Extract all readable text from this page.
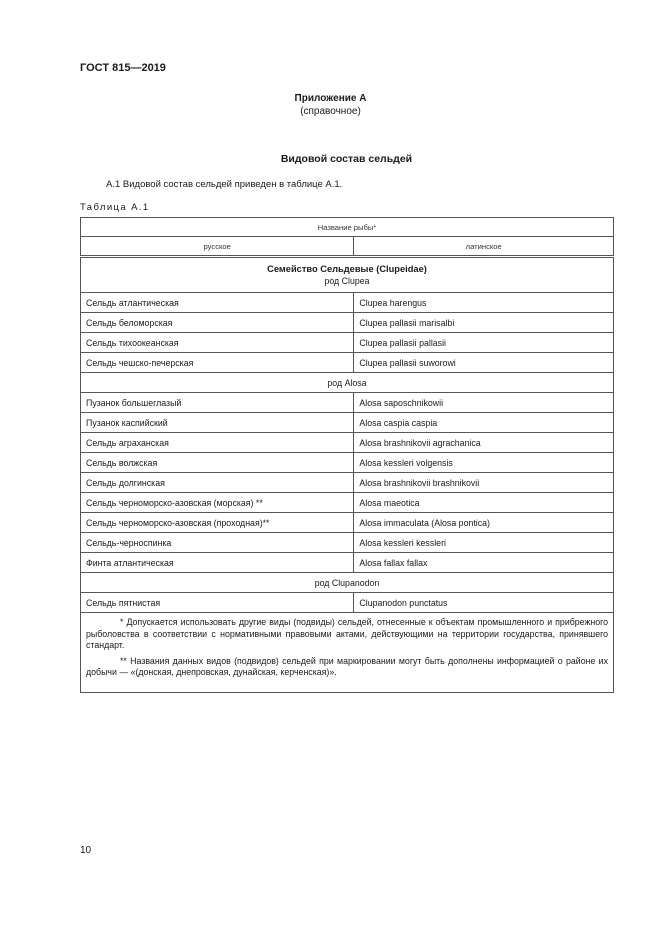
ГОСТ 815—2019
Приложение А
(справочное)
Видовой состав сельдей
А.1 Видовой состав сельдей приведен в таблице А.1.
Таблица А.1
Название рыбы*	
русское	латинское

Семейство Сельдевые (Clupeidae)
род Clupea	

Сельдь атлантическая	Clupea harengus
Сельдь беломорская	Clupea pallasii marisalbi
Сельдь тихоокеанская	Clupea pallasii pallasii
Сельдь чешско-печерская	Clupea pallasii suworowi
род Alosa	
Пузанок большеглазый	Alosa saposchnikowii
Пузанок каспийский	Alosa caspia caspia
Сельдь аграханская	Alosa brashnikovii agrachanica
Сельдь волжская	Alosa kessleri volgensis
Сельдь долгинская	Alosa brashnikovii brashnikovii
Сельдь черноморско-азовская (морская) **	Alosa maeotica
Сельдь черноморско-азовская (проходная)**	Alosa immaculata (Alosa pontica)
Сельдь-черноспинка	Alosa kessleri kessleri
Финта атлантическая	Alosa fallax fallax
род Clupanodon	
Сельдь пятнистая	Clupanodon punctatus

* Допускается использовать другие виды (подвиды) сельдей, отнесенные к объектам промышленного и прибрежного рыболовства в соответствии с нормативными правовыми актами, действующими на территории государства, принявшего стандарт.

** Названия данных видов (подвидов) сельдей при маркировании могут быть дополнены информацией о районе их добычи — «(донская, днепровская, дунайская, керченская)».	

10
